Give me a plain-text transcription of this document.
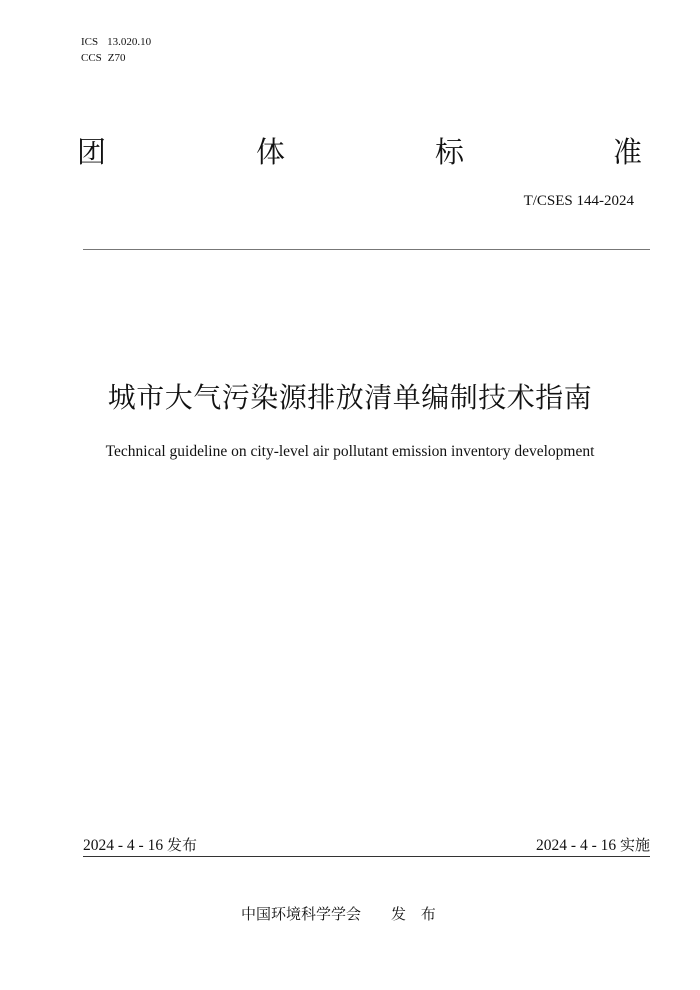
ICS 13.020.10
CCS Z70
团	体	标	准
T/CSES 144-2024
城市大气污染源排放清单编制技术指南
Technical guideline on city-level air pollutant emission inventory development
2024 - 4 - 16 发布	2024 - 4 - 16 实施
中国环境科学学会 发 布
